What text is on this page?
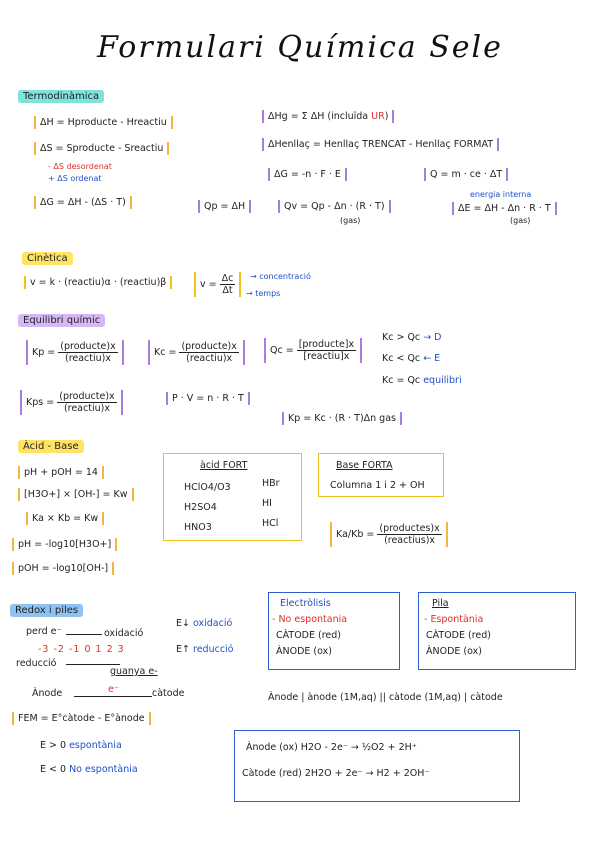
Formulari Química Sele
Termodinàmica
ΔH = Hproducte - Hreactiu
ΔS = Sproducte - Sreactiu
- ΔS desordenat
+ ΔS ordenat
ΔG = ΔH - (ΔS · T)
ΔHg = Σ ΔH (incluïda UR)
ΔHenllaç = Henllaç TRENCAT - Henllaç FORMAT
ΔG = -n · F · E	Q = m · ce · ΔT
Qp = ΔH	Qv = Qp - Δn · (R · T)
(gas)
energia interna
ΔE = ΔH - Δn · R · T
(gas)
Cinètica
v = k · (reactiu)α · (reactiu)β	$v = \frac{\Delta c}{\Delta t}$ → concentració
→ temps
Equilibri químic
$Kp = \frac{\text{(producte)x}}{\text{(reactiu)x}}$	$Kc = \frac{\text{(producte)x}}{\text{(reactiu)x}}$	$Qc = \frac{\text{[producte]x}}{\text{[reactiu]x}}$
Kc > Qc → D
Kc < Qc ← E
Kc = Qc equilibri
Kps = $\frac{\text{(producte)x}}{\text{(reactiu)x}}$	P · V = n · R · T
Kp = Kc · (R · T)Δn gas
Àcid - Base
pH + pOH = 14
[H3O+] × [OH-] = Kw
Ka × Kb = Kw
pH = -log10[H3O+]
pOH = -log10[OH-]
àcid FORT
HClO4/O3
H2SO4
HNO3
HBr
HI
HCl
Base FORTA
Columna 1 i 2 + OH
$Ka/Kb = \frac{\text{(productes)x}}{\text{(reactius)x}}$
Redox i piles
perd e⁻	oxidació
-3 -2 -1 0 1 2 3
reducció
guanya e-
E↓ oxidació
E↑ reducció
Ànode	e⁻	càtode
FEM = E°càtode - E°ànode
E > 0 espontània
E < 0 No espontània
Electròlisis
- No espontania
CÀTODE (red)
ÀNODE (ox)
Pila
- Espontània
CÀTODE (red)
ÀNODE (ox)
Ànode | ànode (1M,aq) || càtode (1M,aq) | càtode
Ànode (ox) H2O - 2e⁻ → ½O2 + 2H⁺
Càtode (red) 2H2O + 2e⁻ → H2 + 2OH⁻
